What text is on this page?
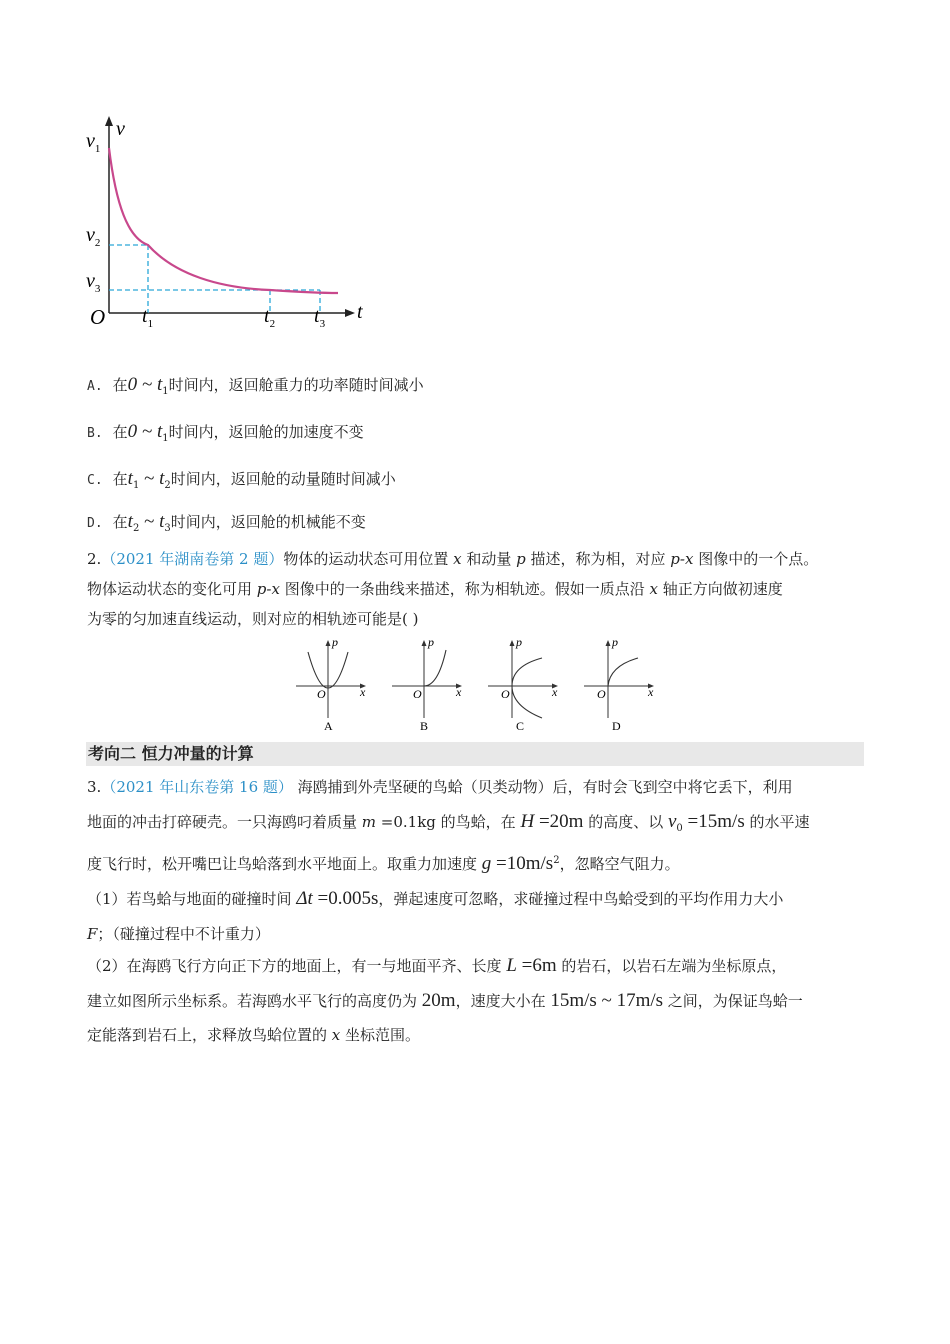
v
$v_1$
$v_2$
$v_3$
O $t_1$	$t_2$ $t_3$
t
A. 在0 ~ $t_1$时间内，返回舱重力的功率随时间减小
B. 在0 ~ $t_1$时间内，返回舱的加速度不变
C. 在$t_1$ ~ $t_2$时间内，返回舱的动量随时间减小
D. 在$t_2$ ~ $t_3$时间内，返回舱的机械能不变
2.（2021 年湖南卷第 2 题）物体的运动状态可用位置 x 和动量 p 描述，称为相，对应 p-x 图像中的一个点。
物体运动状态的变化可用 p-x 图像中的一条曲线来描述，称为相轨迹。假如一质点沿 x 轴正方向做初速度
为零的匀加速直线运动，则对应的相轨迹可能是( )
p
x
O
A
p
x
O
B
p
x
O
C
p
x
O
D
考向二 恒力冲量的计算
3.（2021 年山东卷第 16 题） 海鸥捕到外壳坚硬的鸟蛤（贝类动物）后，有时会飞到空中将它丢下，利用
地面的冲击打碎硬壳。一只海鸥叼着质量 m =0.1kg 的鸟蛤，在 H =20m 的高度、以 $v_0 =15m/s$ 的水平速
度飞行时，松开嘴巴让鸟蛤落到水平地面上。取重力加速度 $g =10m/s^2$，忽略空气阻力。
（1）若鸟蛤与地面的碰撞时间 Δt =0.005s，弹起速度可忽略，求碰撞过程中鸟蛤受到的平均作用力大小
F；（碰撞过程中不计重力）
（2）在海鸥飞行方向正下方的地面上，有一与地面平齐、长度 L =6m 的岩石，以岩石左端为坐标原点，
建立如图所示坐标系。若海鸥水平飞行的高度仍为 20m，速度大小在 15m/s ~ 17m/s 之间，为保证鸟蛤一
定能落到岩石上，求释放鸟蛤位置的 x 坐标范围。
